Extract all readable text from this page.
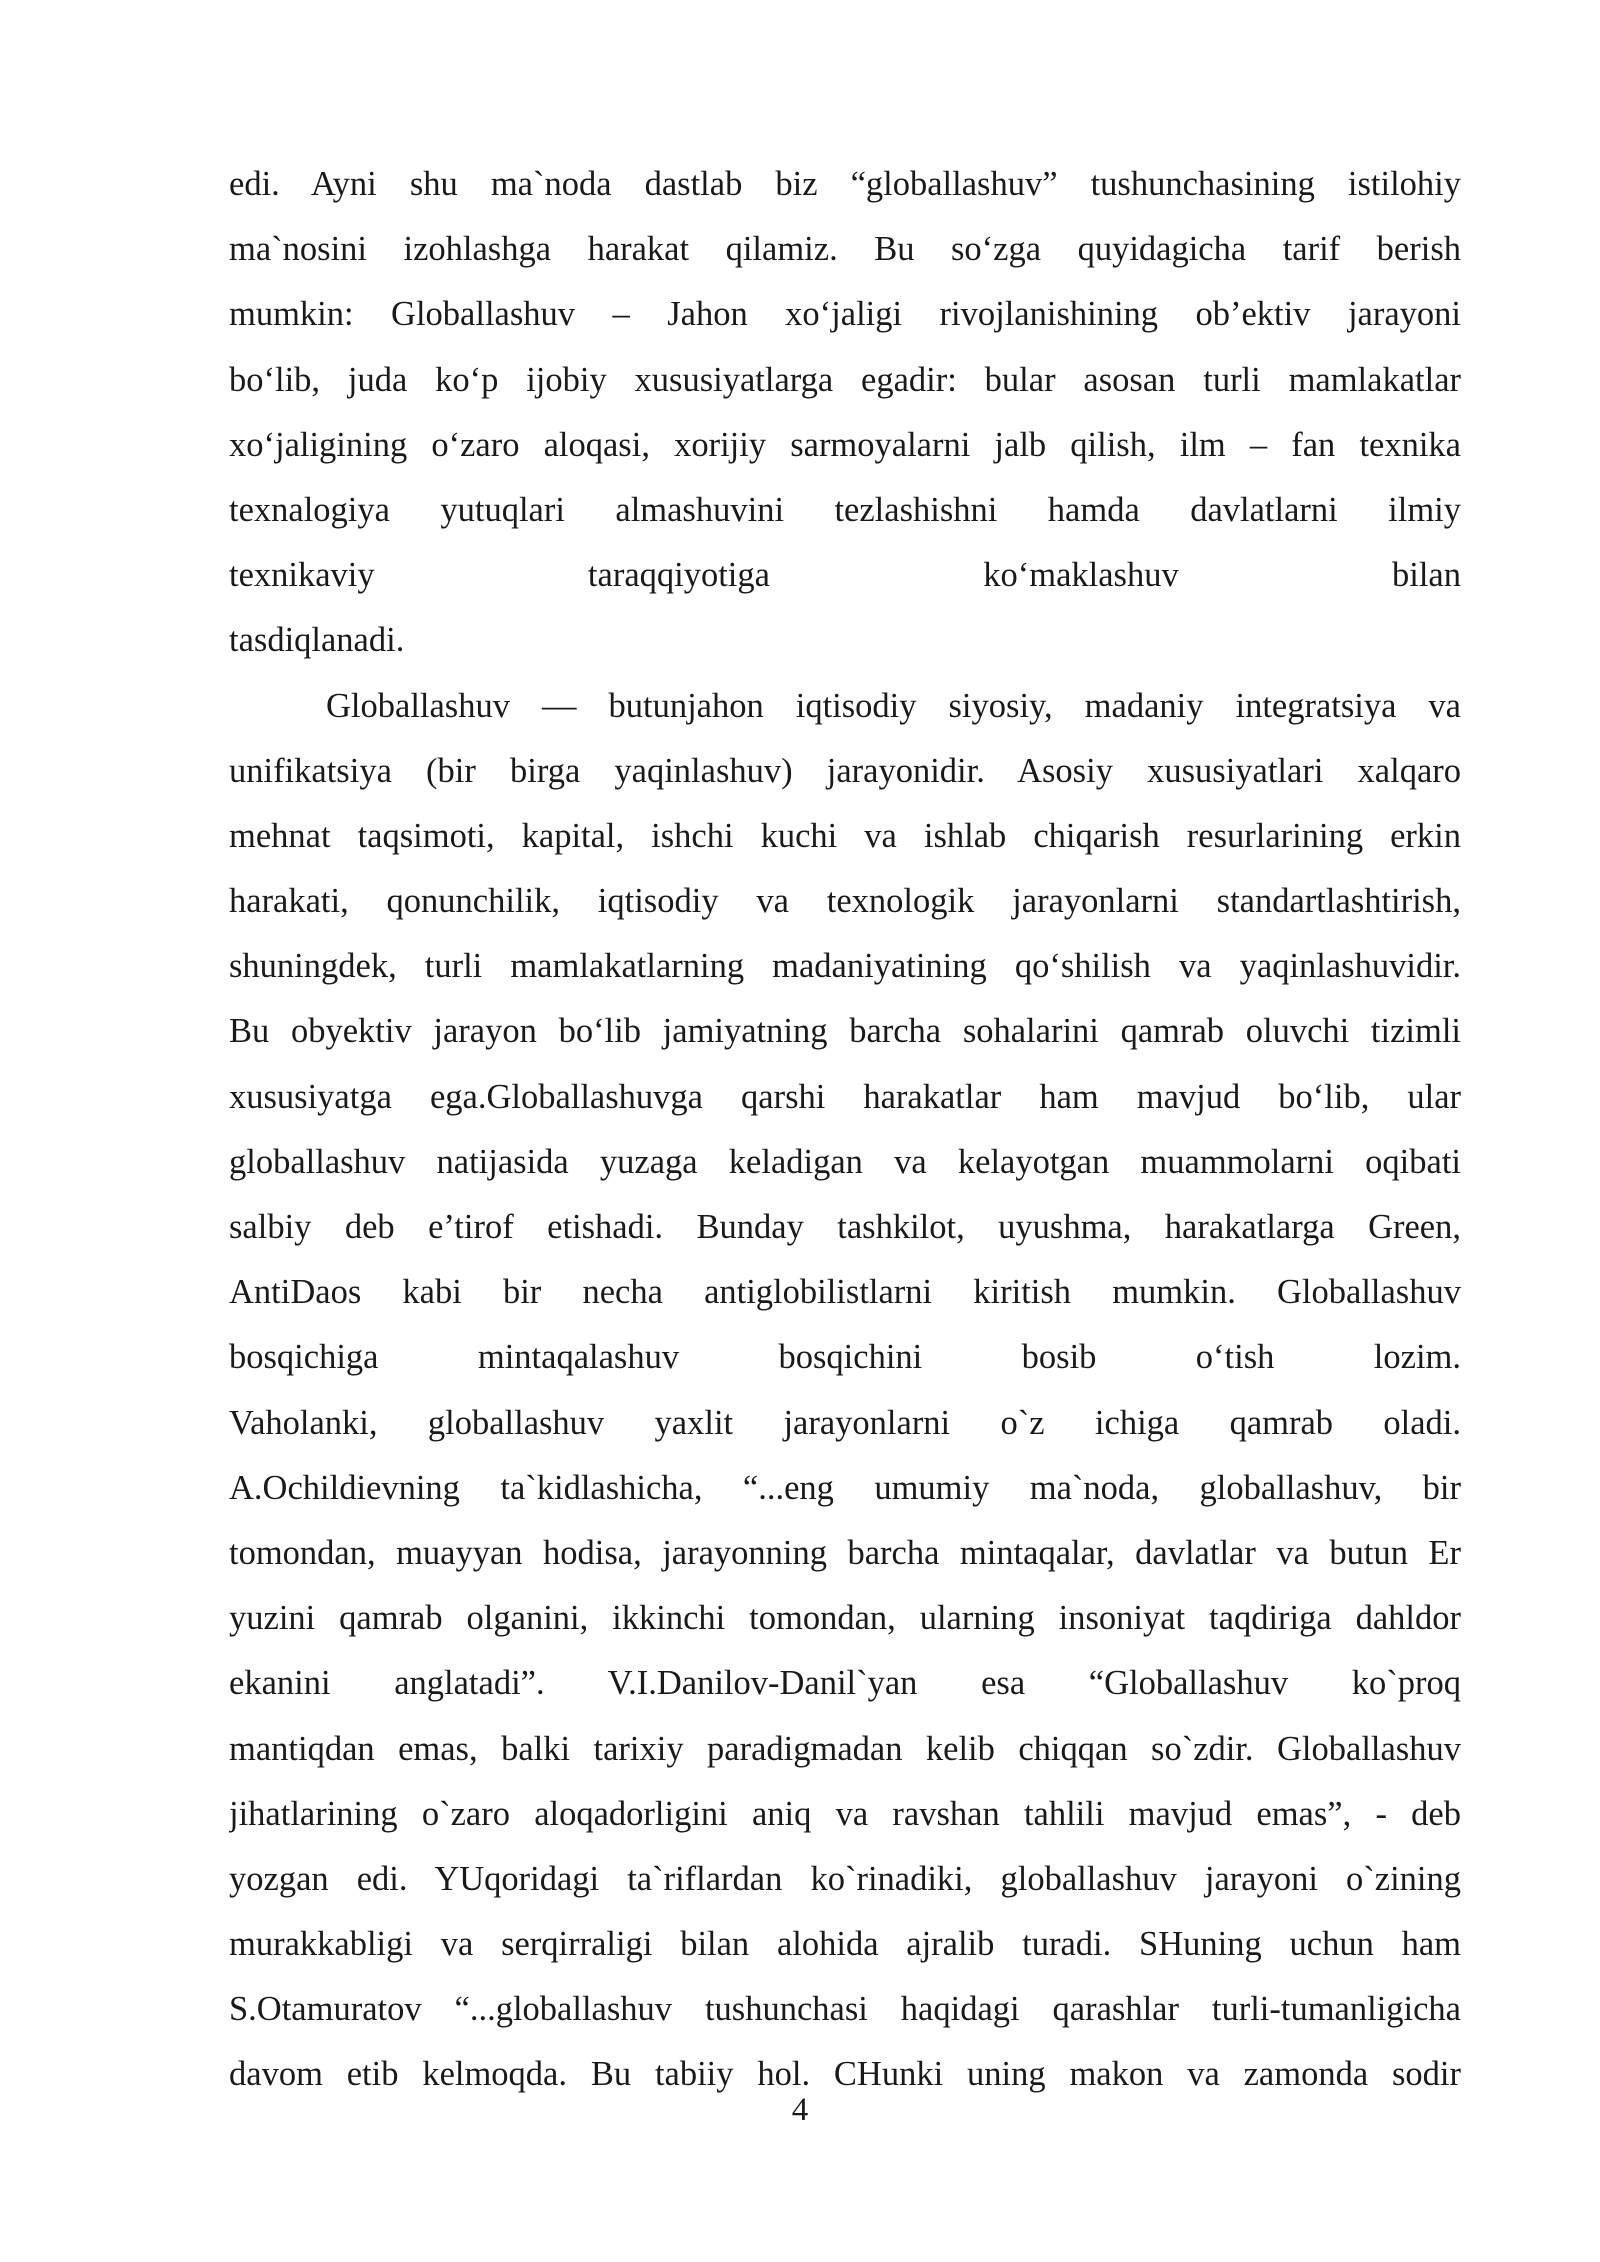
edi. Ayni shu ma`noda dastlab biz “globallashuv” tushunchasining istilohiy
ma`nosini izohlashga harakat qilamiz. Bu so‘zga quyidagicha tarif berish
mumkin: Globallashuv – Jahon xo‘jaligi rivojlanishining ob’ektiv jarayoni
bo‘lib, juda ko‘p ijobiy xususiyatlarga egadir: bular asosan turli mamlakatlar
xo‘jaligining o‘zaro aloqasi, xorijiy sarmoyalarni jalb qilish, ilm – fan texnika
texnalogiya yutuqlari almashuvini tezlashishni hamda davlatlarni ilmiy
texnikaviy taraqqiyotiga ko‘maklashuv bilan
tasdiqlanadi.
Globallashuv — butunjahon iqtisodiy siyosiy, madaniy integratsiya va
unifikatsiya (bir birga yaqinlashuv) jarayonidir. Asosiy xususiyatlari xalqaro
mehnat taqsimoti, kapital, ishchi kuchi va ishlab chiqarish resurlarining erkin
harakati, qonunchilik, iqtisodiy va texnologik jarayonlarni standartlashtirish,
shuningdek, turli mamlakatlarning madaniyatining qo‘shilish va yaqinlashuvidir.
Bu obyektiv jarayon bo‘lib jamiyatning barcha sohalarini qamrab oluvchi tizimli
xususiyatga ega.Globallashuvga qarshi harakatlar ham mavjud bo‘lib, ular
globallashuv natijasida yuzaga keladigan va kelayotgan muammolarni oqibati
salbiy deb e’tirof etishadi. Bunday tashkilot, uyushma, harakatlarga Green,
AntiDaos kabi bir necha antiglobilistlarni kiritish mumkin. Globallashuv
bosqichiga mintaqalashuv bosqichini bosib o‘tish lozim.
Vaholanki, globallashuv yaxlit jarayonlarni o`z ichiga qamrab oladi.
A.Ochildievning ta`kidlashicha, “...eng umumiy ma`noda, globallashuv, bir
tomondan, muayyan hodisa, jarayonning barcha mintaqalar, davlatlar va butun Er
yuzini qamrab olganini, ikkinchi tomondan, ularning insoniyat taqdiriga dahldor
ekanini anglatadi”. V.I.Danilov-Danil`yan esa “Globallashuv ko`proq
mantiqdan emas, balki tarixiy paradigmadan kelib chiqqan so`zdir. Globallashuv
jihatlarining o`zaro aloqadorligini aniq va ravshan tahlili mavjud emas”, - deb
yozgan edi. YUqoridagi ta`riflardan ko`rinadiki, globallashuv jarayoni o`zining
murakkabligi va serqirraligi bilan alohida ajralib turadi. SHuning uchun ham
S.Otamuratov “...globallashuv tushunchasi haqidagi qarashlar turli-tumanligicha
davom etib kelmoqda. Bu tabiiy hol. CHunki uning makon va zamonda sodir
4
